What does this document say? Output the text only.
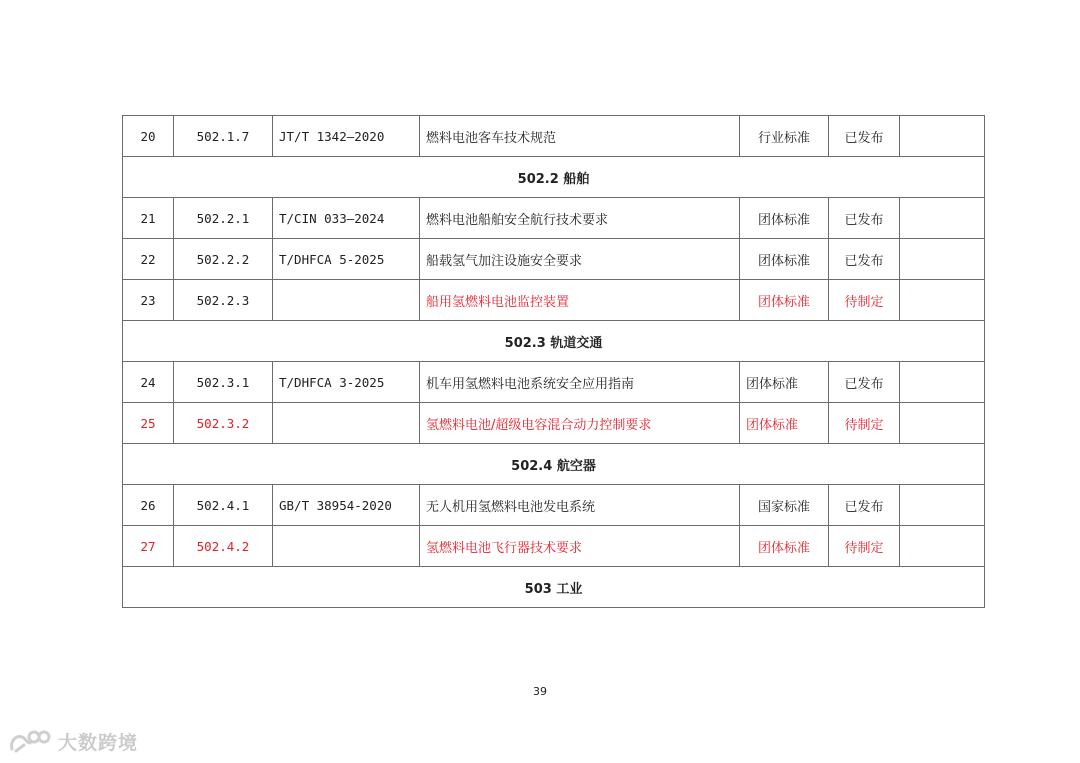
20	502.1.7	JT/T 1342—2020	燃料电池客车技术规范	行业标准	已发布	
502.2 船舶						
21	502.2.1	T/CIN 033—2024	燃料电池船舶安全航行技术要求	团体标准	已发布	
22	502.2.2	T/DHFCA 5-2025	船载氢气加注设施安全要求	团体标准	已发布	
23	502.2.3		船用氢燃料电池监控装置	团体标准	待制定	
502.3 轨道交通						
24	502.3.1	T/DHFCA 3-2025	机车用氢燃料电池系统安全应用指南	团体标准	已发布	
25	502.3.2		氢燃料电池/超级电容混合动力控制要求	团体标准	待制定	
502.4 航空器						
26	502.4.1	GB/T 38954-2020	无人机用氢燃料电池发电系统	国家标准	已发布	
27	502.4.2		氢燃料电池飞行器技术要求	团体标准	待制定	
503 工业						
39
大数跨境
